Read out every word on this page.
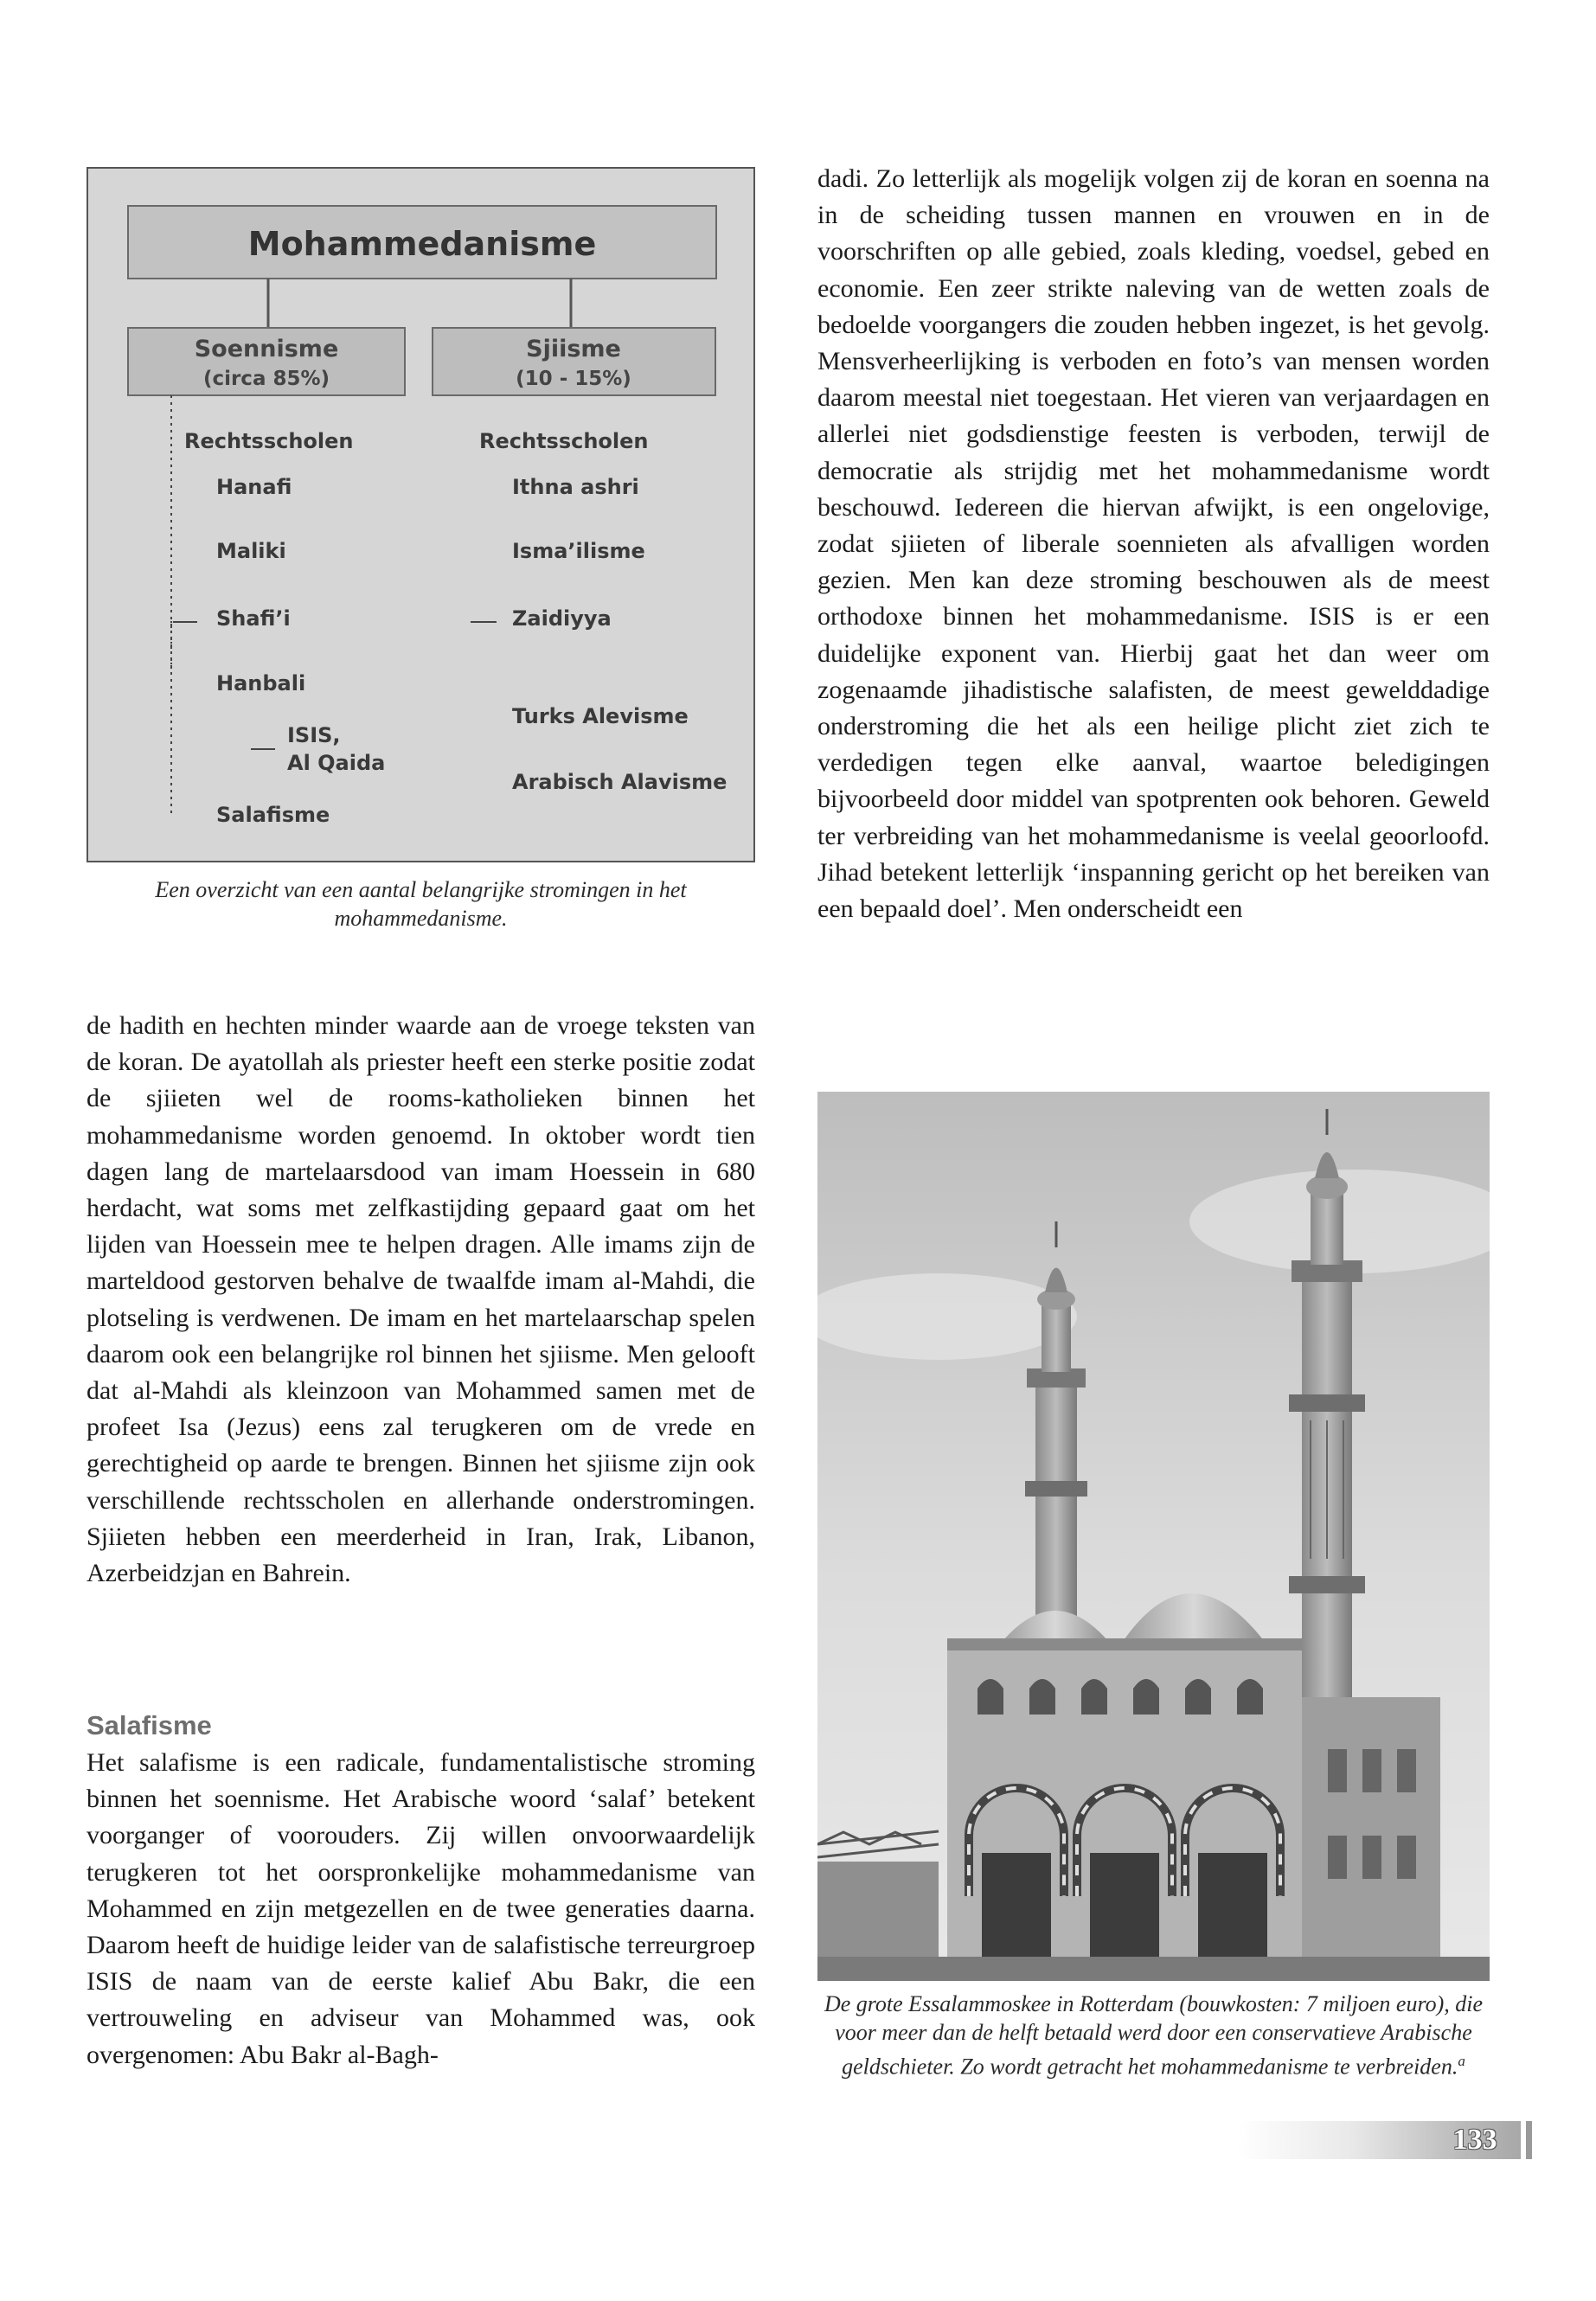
Mohammedanisme
Soennisme
(circa 85%)
Sjiisme
(10 - 15%)
Rechtsscholen
Hanafi
Maliki
Shafi’i
Hanbali
ISIS,
Al Qaida
Salafisme
Rechtsscholen
Ithna ashri
Isma’ilisme
Zaidiyya
Turks Alevisme
Arabisch Alavisme

Een overzicht van een aantal belangrijke stromingen in het mohammedanisme.

de hadith en hechten minder waarde aan de vroege teksten van de koran. De ayatollah als priester heeft een sterke positie zodat de sjiieten wel de rooms-katholieken binnen het mohammedanisme worden genoemd. In oktober wordt tien dagen lang de martelaarsdood van imam Hoessein in 680 herdacht, wat soms met zelfkastijding gepaard gaat om het lijden van Hoessein mee te helpen dragen. Alle imams zijn de marteldood gestorven behalve de twaalfde imam al-Mahdi, die plotseling is verdwenen. De imam en het martelaarschap spelen daarom ook een belangrijke rol binnen het sjiisme. Men gelooft dat al-Mahdi als kleinzoon van Mohammed samen met de profeet Isa (Jezus) eens zal terugkeren om de vrede en gerechtigheid op aarde te brengen. Binnen het sjiisme zijn ook verschillende rechtsscholen en allerhande onderstromingen. Sjiieten hebben een meerderheid in Iran, Irak, Libanon, Azerbeidzjan en Bahrein.

Salafisme

Het salafisme is een radicale, fundamentalistische stroming binnen het soennisme. Het Arabische woord ‘salaf’ betekent voorganger of voorouders. Zij willen onvoorwaardelijk terugkeren tot het oorspronkelijke mohammedanisme van Mohammed en zijn metgezellen en de twee generaties daarna. Daarom heeft de huidige leider van de salafistische terreurgroep ISIS de naam van de eerste kalief Abu Bakr, die een vertrouweling en adviseur van Mohammed was, ook overgenomen: Abu Bakr al-Bagh-

dadi. Zo letterlijk als mogelijk volgen zij de koran en soenna na in de scheiding tussen mannen en vrouwen en in de voorschriften op alle gebied, zoals kleding, voedsel, gebed en economie. Een zeer strikte naleving van de wetten zoals de bedoelde voorgangers die zouden hebben ingezet, is het gevolg. Mensverheerlijking is verboden en foto’s van mensen worden daarom meestal niet toegestaan. Het vieren van verjaardagen en allerlei niet godsdienstige feesten is verboden, terwijl de democratie als strijdig met het mohammedanisme wordt beschouwd. Iedereen die hiervan afwijkt, is een ongelovige, zodat sjiieten of liberale soennieten als afvalligen worden gezien. Men kan deze stroming beschouwen als de meest orthodoxe binnen het mohammedanisme. ISIS is er een duidelijke exponent van. Hierbij gaat het dan weer om zogenaamde jihadistische salafisten, de meest gewelddadige onderstroming die het als een heilige plicht ziet zich te verdedigen tegen elke aanval, waartoe beledigingen bijvoorbeeld door middel van spotprenten ook behoren. Geweld ter verbreiding van het mohammedanisme is veelal geoorloofd. Jihad betekent letterlijk ‘inspanning gericht op het bereiken van een bepaald doel’. Men onderscheidt een

De grote Essalammoskee in Rotterdam (bouwkosten: 7 miljoen euro), die voor meer dan de helft betaald werd door een conservatieve Arabische geldschieter. Zo wordt getracht het mohammedanisme te verbreiden.$^a$

133
